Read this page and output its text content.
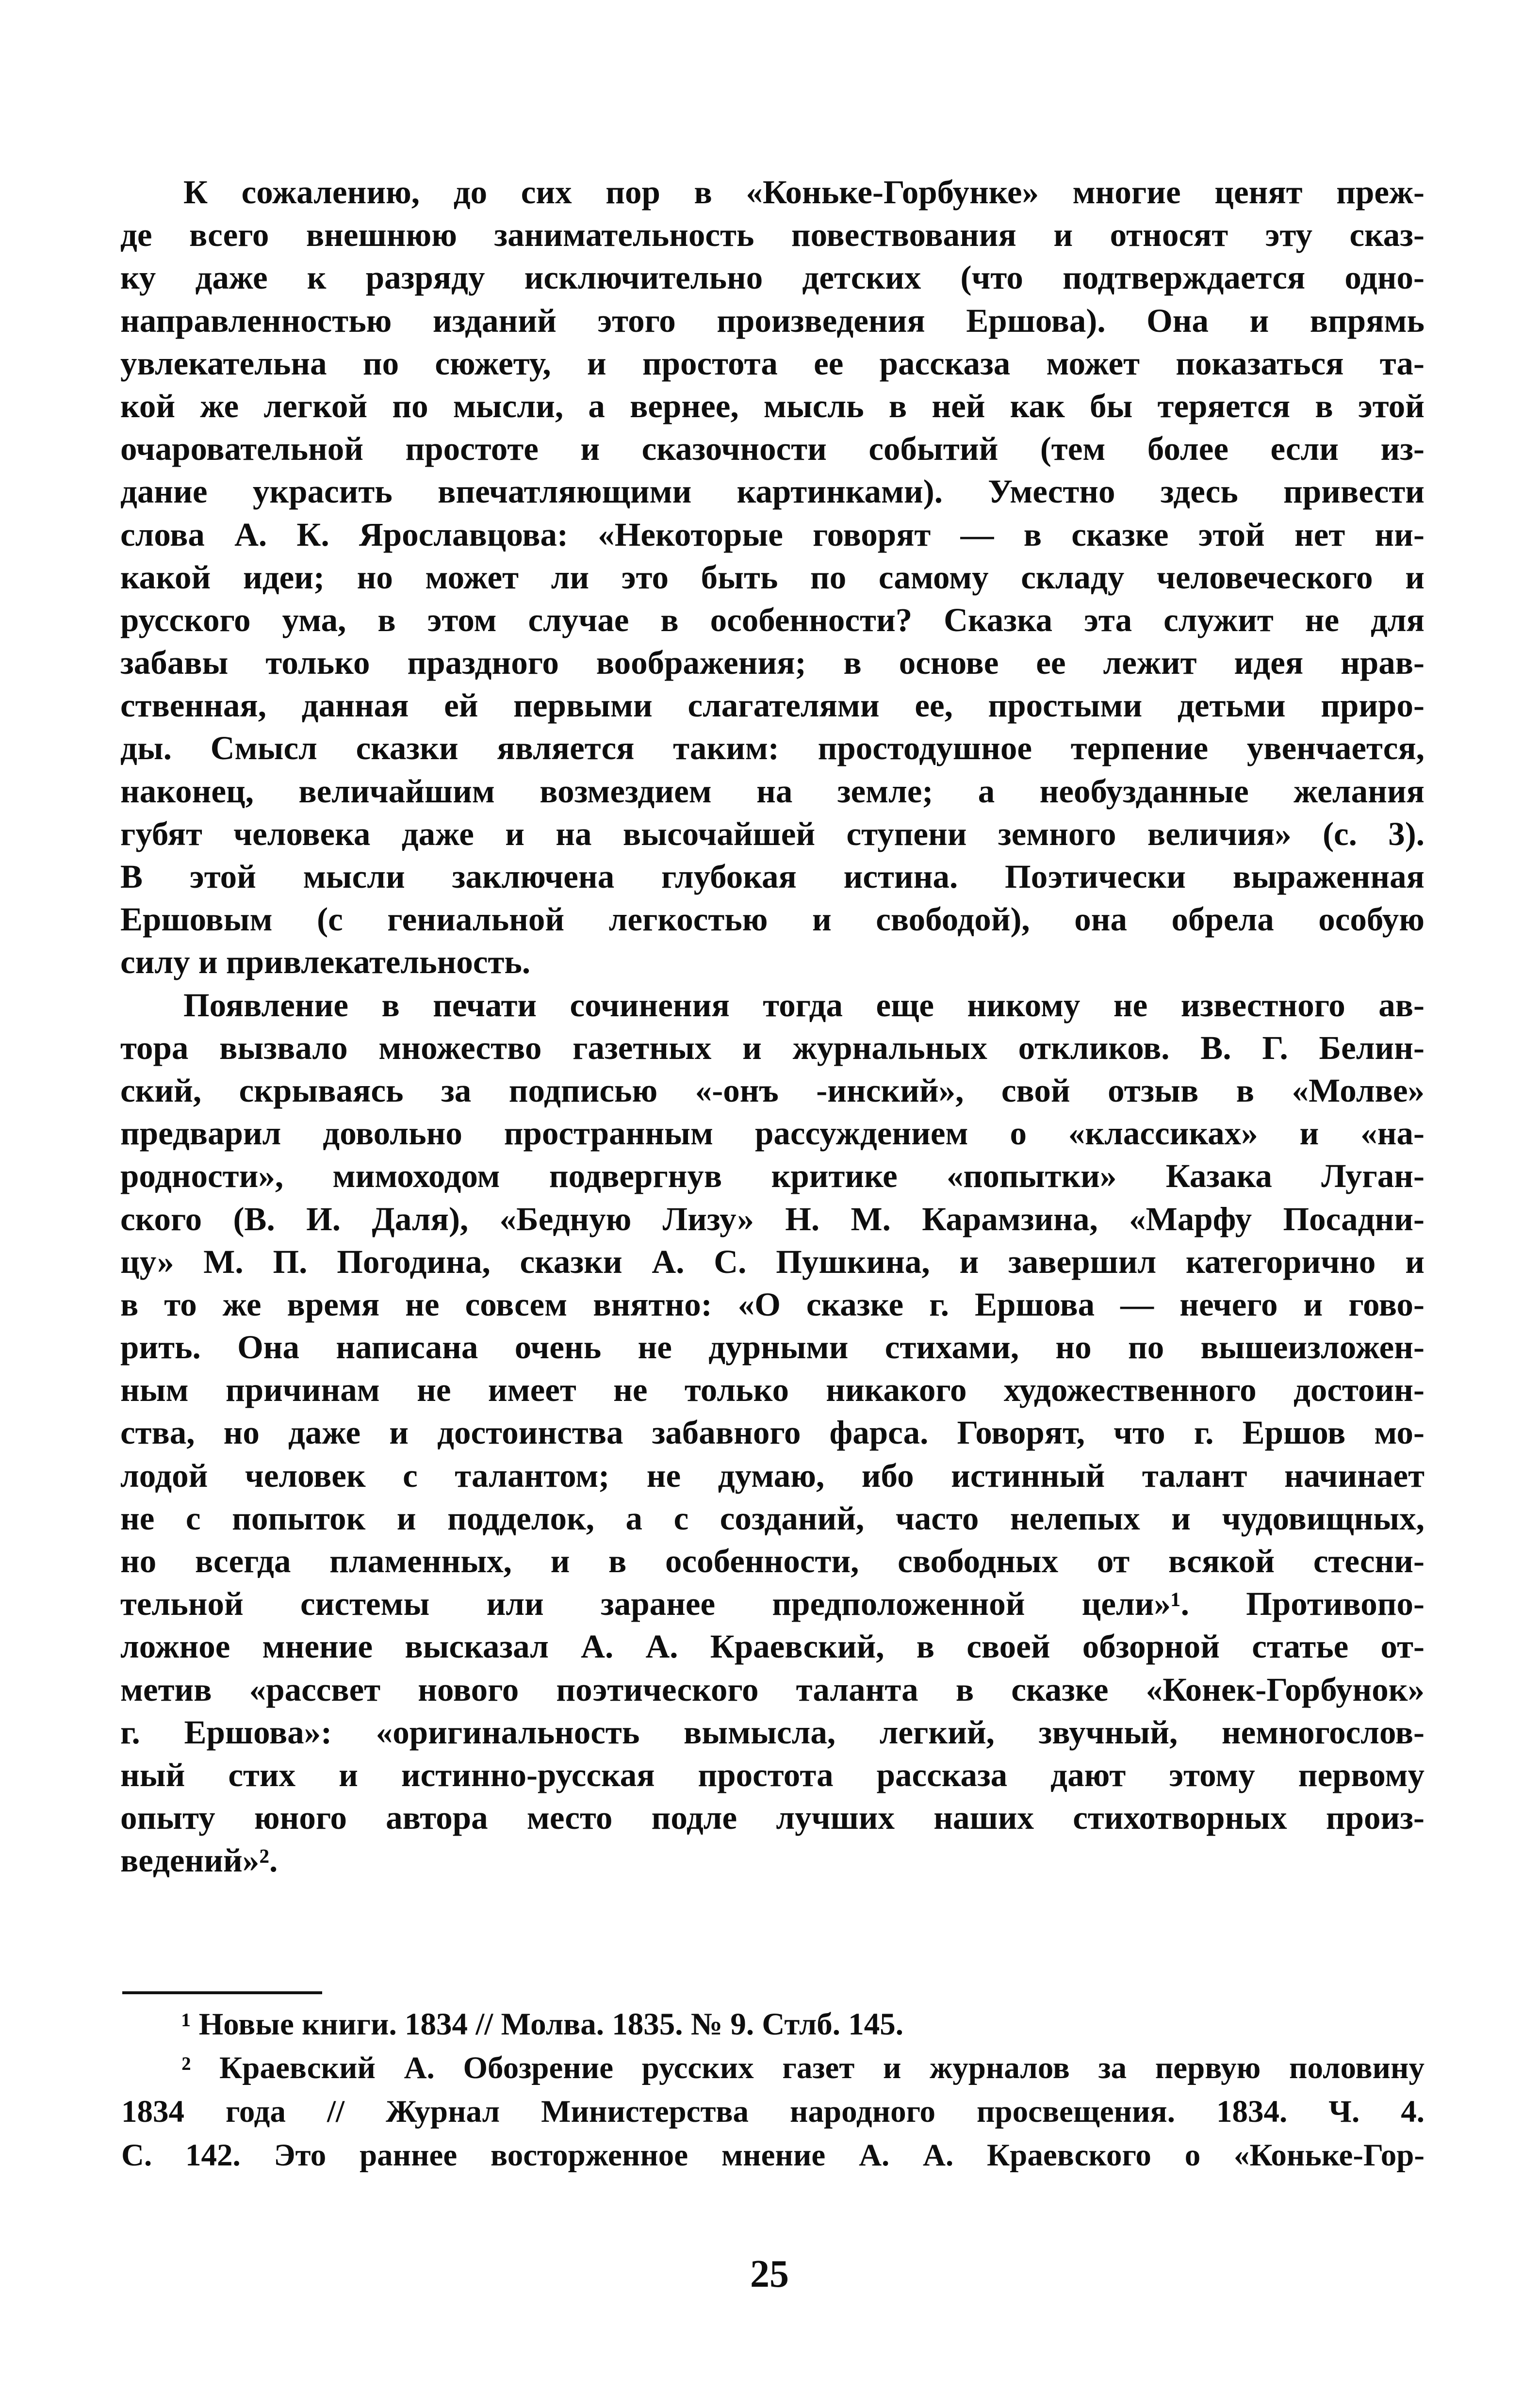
К сожалению, до сих пор в «Коньке-Горбунке» многие ценят преж-
де всего внешнюю занимательность повествования и относят эту сказ-
ку даже к разряду исключительно детских (что подтверждается одно-
направленностью изданий этого произведения Ершова). Она и впрямь
увлекательна по сюжету, и простота ее рассказа может показаться та-
кой же легкой по мысли, а вернее, мысль в ней как бы теряется в этой
очаровательной простоте и сказочности событий (тем более если из-
дание украсить впечатляющими картинками). Уместно здесь привести
слова А. К. Ярославцова: «Некоторые говорят — в сказке этой нет ни-
какой идеи; но может ли это быть по самому складу человеческого и
русского ума, в этом случае в особенности? Сказка эта служит не для
забавы только праздного воображения; в основе ее лежит идея нрав-
ственная, данная ей первыми слагателями ее, простыми детьми приро-
ды. Смысл сказки является таким: простодушное терпение увенчается,
наконец, величайшим возмездием на земле; а необузданные желания
губят человека даже и на высочайшей ступени земного величия» (с. 3).
В этой мысли заключена глубокая истина. Поэтически выраженная
Ершовым (с гениальной легкостью и свободой), она обрела особую
силу и привлекательность.
Появление в печати сочинения тогда еще никому не известного ав-
тора вызвало множество газетных и журнальных откликов. В. Г. Белин-
ский, скрываясь за подписью «-онъ -инский», свой отзыв в «Молве»
предварил довольно пространным рассуждением о «классиках» и «на-
родности», мимоходом подвергнув критике «попытки» Казака Луган-
ского (В. И. Даля), «Бедную Лизу» Н. М. Карамзина, «Марфу Посадни-
цу» М. П. Погодина, сказки А. С. Пушкина, и завершил категорично и
в то же время не совсем внятно: «О сказке г. Ершова — нечего и гово-
рить. Она написана очень не дурными стихами, но по вышеизложен-
ным причинам не имеет не только никакого художественного достоин-
ства, но даже и достоинства забавного фарса. Говорят, что г. Ершов мо-
лодой человек с талантом; не думаю, ибо истинный талант начинает
не с попыток и подделок, а с созданий, часто нелепых и чудовищных,
но всегда пламенных, и в особенности, свободных от всякой стесни-
тельной системы или заранее предположенной цели»¹. Противопо-
ложное мнение высказал А. А. Краевский, в своей обзорной статье от-
метив «рассвет нового поэтического таланта в сказке «Конек-Горбунок»
г. Ершова»: «оригинальность вымысла, легкий, звучный, немногослов-
ный стих и истинно-русская простота рассказа дают этому первому
опыту юного автора место подле лучших наших стихотворных произ-
ведений»².
¹ Новые книги. 1834 // Молва. 1835. № 9. Стлб. 145.
² Краевский А. Обозрение русских газет и журналов за первую половину
1834 года // Журнал Министерства народного просвещения. 1834. Ч. 4.
С. 142. Это раннее восторженное мнение А. А. Краевского о «Коньке-Гор-
25
